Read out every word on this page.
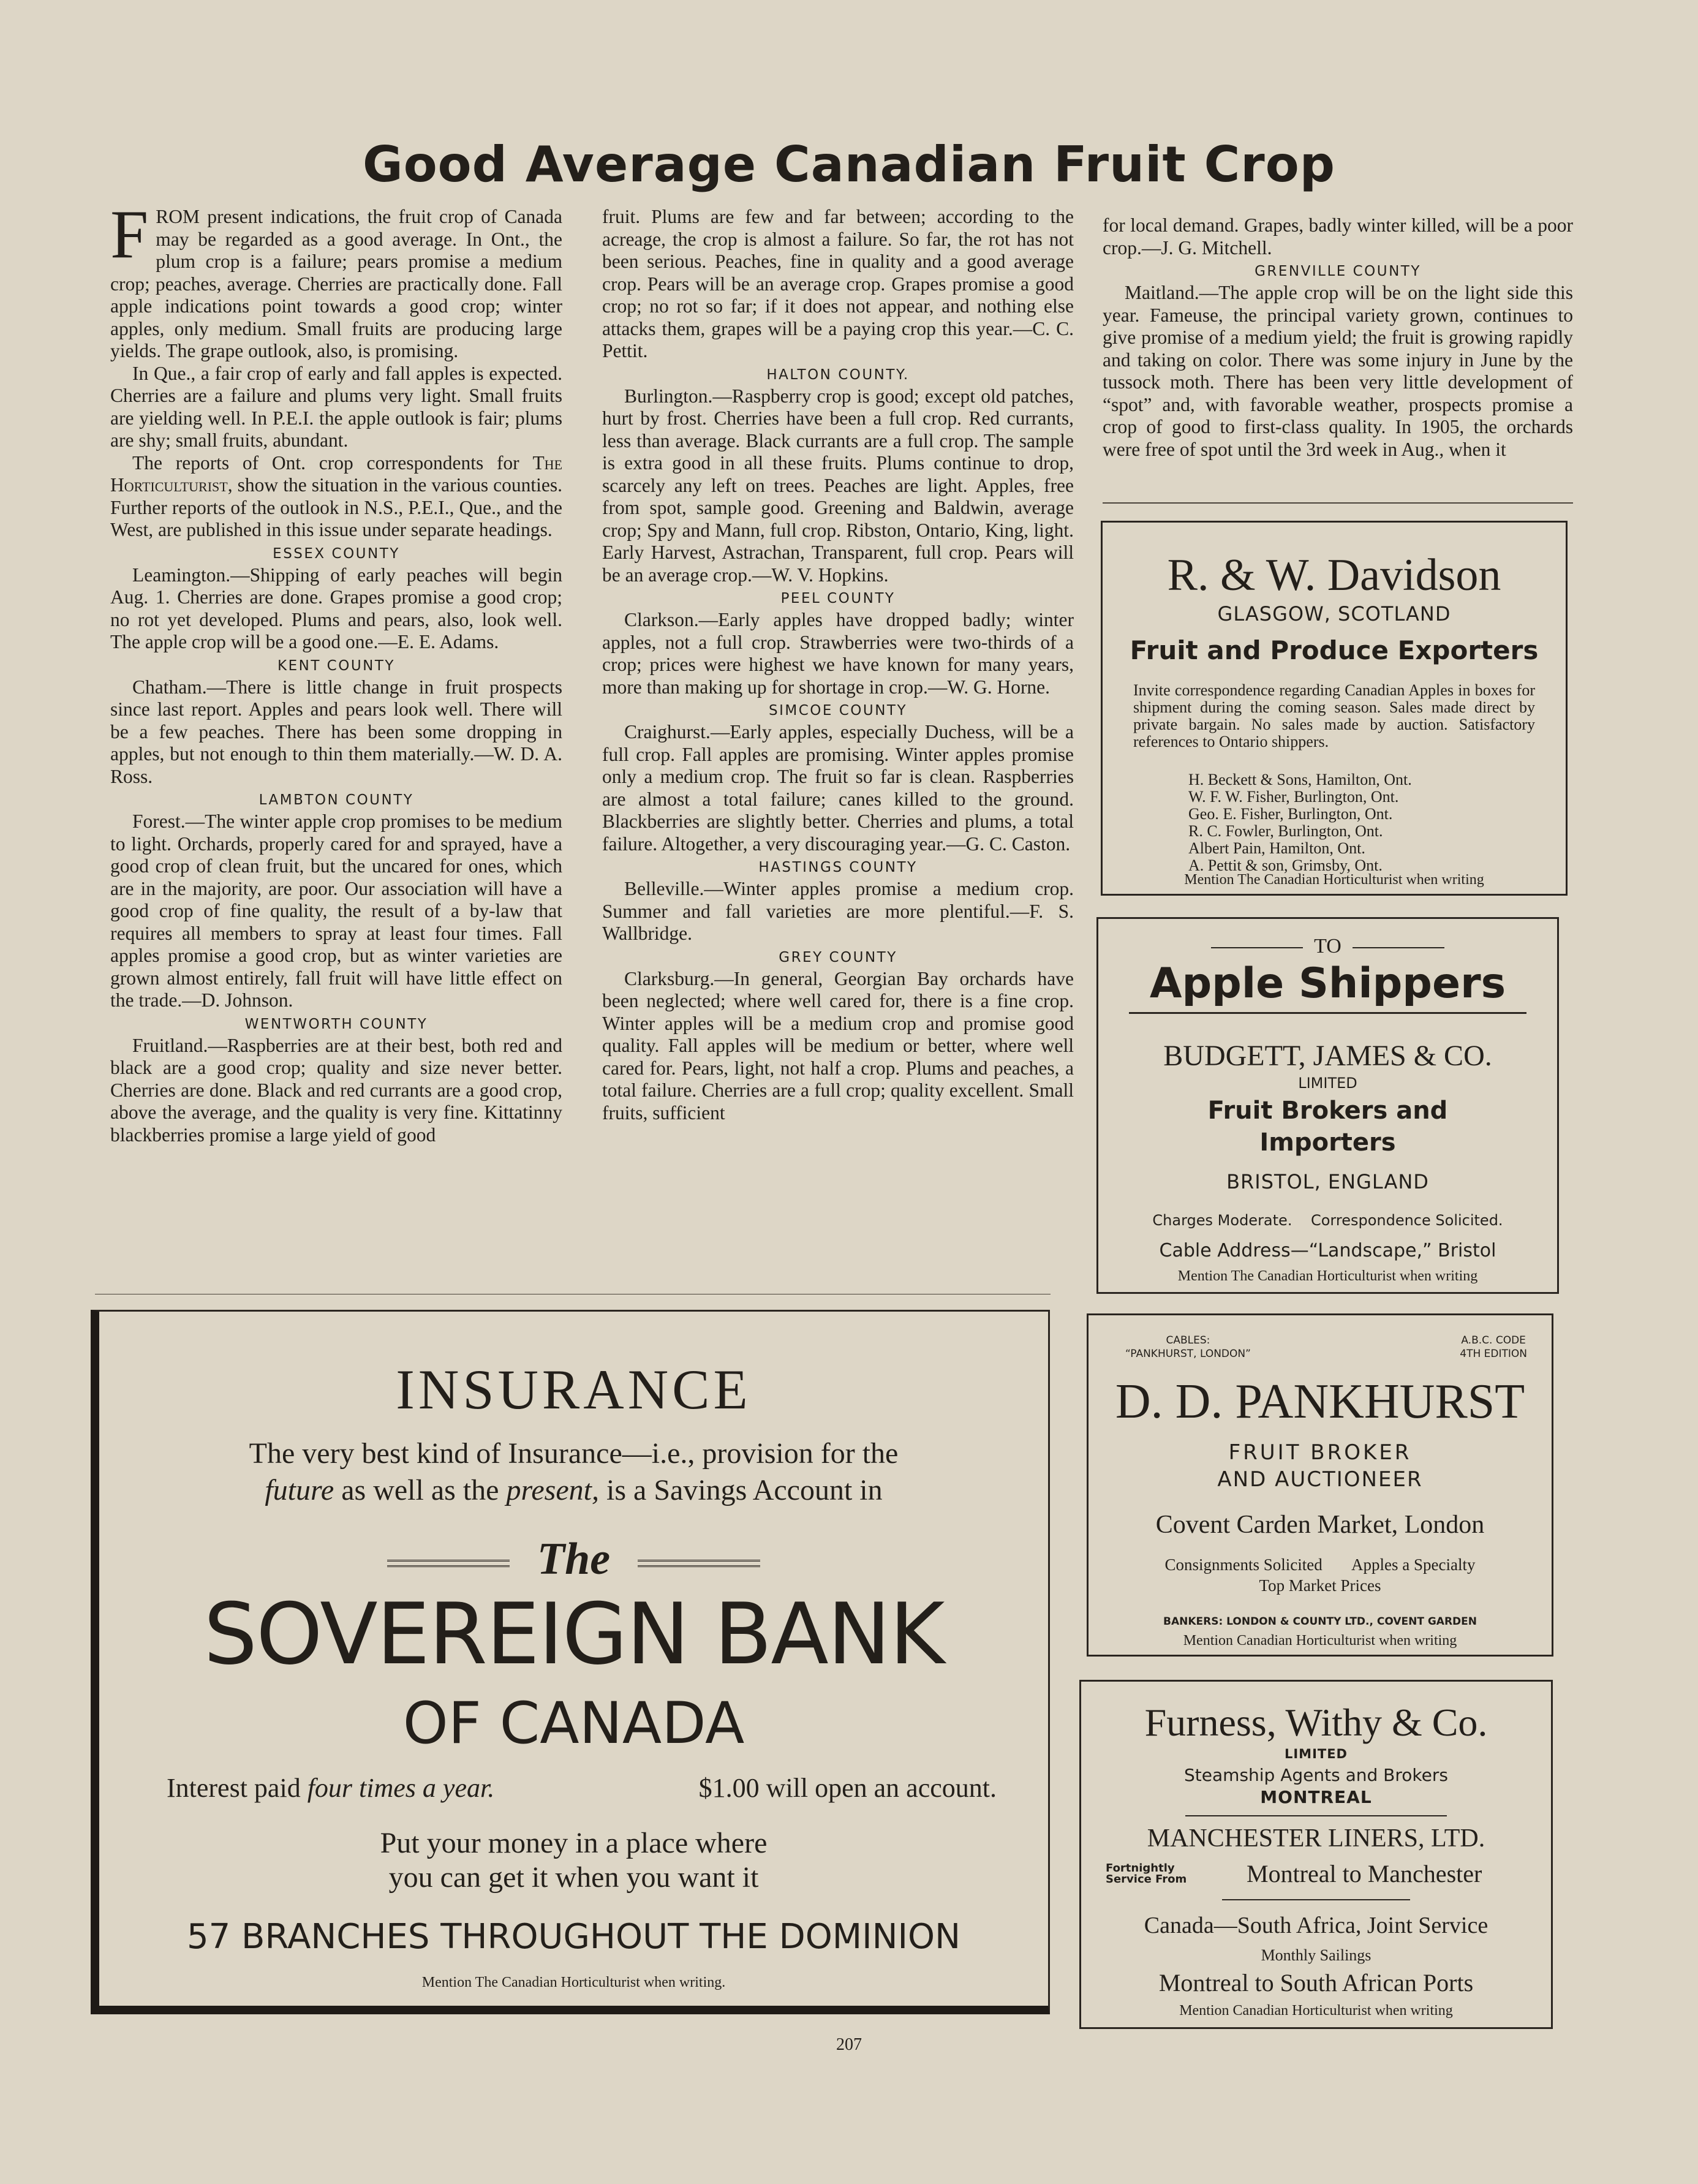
Good Average Canadian Fruit Crop

FROM present indications, the fruit crop of Canada may be regarded as a good average. In Ont., the plum crop is a failure; pears promise a medium crop; peaches, average. Cherries are practically done. Fall apple indications point towards a good crop; winter apples, only medium. Small fruits are producing large yields. The grape outlook, also, is promising.

In Que., a fair crop of early and fall apples is expected. Cherries are a failure and plums very light. Small fruits are yielding well. In P.E.I. the apple outlook is fair; plums are shy; small fruits, abundant.

The reports of Ont. crop correspondents for The Horticulturist, show the situation in the various counties. Further reports of the outlook in N.S., P.E.I., Que., and the West, are published in this issue under separate headings.

ESSEX COUNTY

Leamington.—Shipping of early peaches will begin Aug. 1. Cherries are done. Grapes promise a good crop; no rot yet developed. Plums and pears, also, look well. The apple crop will be a good one.—E. E. Adams.

KENT COUNTY

Chatham.—There is little change in fruit prospects since last report. Apples and pears look well. There will be a few peaches. There has been some dropping in apples, but not enough to thin them materially.—W. D. A. Ross.

LAMBTON COUNTY

Forest.—The winter apple crop promises to be medium to light. Orchards, properly cared for and sprayed, have a good crop of clean fruit, but the uncared for ones, which are in the majority, are poor. Our association will have a good crop of fine quality, the result of a by-law that requires all members to spray at least four times. Fall apples promise a good crop, but as winter varieties are grown almost entirely, fall fruit will have little effect on the trade.—D. Johnson.

WENTWORTH COUNTY

Fruitland.—Raspberries are at their best, both red and black are a good crop; quality and size never better. Cherries are done. Black and red currants are a good crop, above the average, and the quality is very fine. Kittatinny blackberries promise a large yield of good

fruit. Plums are few and far between; according to the acreage, the crop is almost a failure. So far, the rot has not been serious. Peaches, fine in quality and a good average crop. Pears will be an average crop. Grapes promise a good crop; no rot so far; if it does not appear, and nothing else attacks them, grapes will be a paying crop this year.—C. C. Pettit.

HALTON COUNTY.

Burlington.—Raspberry crop is good; except old patches, hurt by frost. Cherries have been a full crop. Red currants, less than average. Black currants are a full crop. The sample is extra good in all these fruits. Plums continue to drop, scarcely any left on trees. Peaches are light. Apples, free from spot, sample good. Greening and Baldwin, average crop; Spy and Mann, full crop. Ribston, Ontario, King, light. Early Harvest, Astrachan, Transparent, full crop. Pears will be an average crop.—W. V. Hopkins.

PEEL COUNTY

Clarkson.—Early apples have dropped badly; winter apples, not a full crop. Strawberries were two-thirds of a crop; prices were highest we have known for many years, more than making up for shortage in crop.—W. G. Horne.

SIMCOE COUNTY

Craighurst.—Early apples, especially Duchess, will be a full crop. Fall apples are promising. Winter apples promise only a medium crop. The fruit so far is clean. Raspberries are almost a total failure; canes killed to the ground. Blackberries are slightly better. Cherries and plums, a total failure. Altogether, a very discouraging year.—G. C. Caston.

HASTINGS COUNTY

Belleville.—Winter apples promise a medium crop. Summer and fall varieties are more plentiful.—F. S. Wallbridge.

GREY COUNTY

Clarksburg.—In general, Georgian Bay orchards have been neglected; where well cared for, there is a fine crop. Winter apples will be a medium crop and promise good quality. Fall apples will be medium or better, where well cared for. Pears, light, not half a crop. Plums and peaches, a total failure. Cherries are a full crop; quality excellent. Small fruits, sufficient

for local demand. Grapes, badly winter killed, will be a poor crop.—J. G. Mitchell.

GRENVILLE COUNTY

Maitland.—The apple crop will be on the light side this year. Fameuse, the principal variety grown, continues to give promise of a medium yield; the fruit is growing rapidly and taking on color. There was some injury in June by the tussock moth. There has been very little development of “spot” and, with favorable weather, prospects promise a crop of good to first-class quality. In 1905, the orchards were free of spot until the 3rd week in Aug., when it

R. & W. Davidson
GLASGOW, SCOTLAND
Fruit and Produce Exporters
Invite correspondence regarding Canadian Apples in boxes for shipment during the coming season. Sales made direct by private bargain. No sales made by auction. Satisfactory references to Ontario shippers.
H. Beckett & Sons, Hamilton, Ont.
W. F. W. Fisher, Burlington, Ont.
Geo. E. Fisher, Burlington, Ont.
R. C. Fowler, Burlington, Ont.
Albert Pain, Hamilton, Ont.
A. Pettit & son, Grimsby, Ont.
Mention The Canadian Horticulturist when writing
TO
Apple Shippers
BUDGETT, JAMES & CO.
LIMITED
Fruit Brokers and
Importers
BRISTOL, ENGLAND
Charges Moderate. Correspondence Solicited.
Cable Address—“Landscape,” Bristol
Mention The Canadian Horticulturist when writing
CABLES:
“PANKHURST, LONDON”
A.B.C. CODE
4TH EDITION
D. D. PANKHURST
FRUIT BROKER
AND AUCTIONEER
Covent Carden Market, London
Consignments Solicited Apples a Specialty
Top Market Prices
BANKERS: LONDON & COUNTY LTD., COVENT GARDEN
Mention Canadian Horticulturist when writing
Furness, Withy & Co.
LIMITED
Steamship Agents and Brokers
MONTREAL
MANCHESTER LINERS, LTD.
Fortnightly
Service From Montreal to Manchester
Canada—South Africa, Joint Service
Monthly Sailings
Montreal to South African Ports
Mention Canadian Horticulturist when writing
INSURANCE
The very best kind of Insurance—i.e., provision for the
future as well as the present, is a Savings Account in
The
SOVEREIGN BANK
OF CANADA
Interest paid four times a year.	$1.00 will open an account.
Put your money in a place where
you can get it when you want it
57 BRANCHES THROUGHOUT THE DOMINION
Mention The Canadian Horticulturist when writing.
207
